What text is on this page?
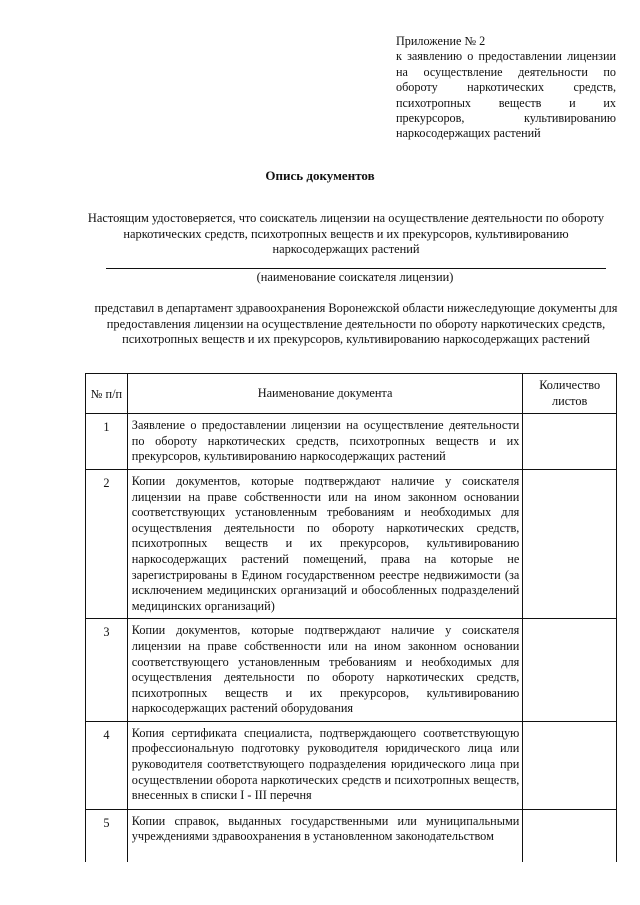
Приложение № 2
к заявлению о предоставлении лицензии
на осуществление деятельности по
обороту наркотических средств,
психотропных веществ и их
прекурсоров, культивированию
наркосодержащих растений
Опись документов
Настоящим удостоверяется, что соискатель лицензии на осуществление деятельности по обороту наркотических средств, психотропных веществ и их прекурсоров, культивированию наркосодержащих растений
(наименование соискателя лицензии)
представил в департамент здравоохранения Воронежской области нижеследующие документы для предоставления лицензии на осуществление деятельности по обороту наркотических средств, психотропных веществ и их прекурсоров, культивированию наркосодержащих растений
№ п/п	Наименование документа	Количество листов
1	Заявление о предоставлении лицензии на осуществление деятельности по обороту наркотических средств, психотропных веществ и их прекурсоров, культивированию наркосодержащих растений	
2	Копии документов, которые подтверждают наличие у соискателя лицензии на праве собственности или на ином законном основании соответствующих установленным требованиям и необходимых для осуществления деятельности по обороту наркотических средств, психотропных веществ и их прекурсоров, культивированию наркосодержащих растений помещений, права на которые не зарегистрированы в Едином государственном реестре недвижимости (за исключением медицинских организаций и обособленных подразделений медицинских организаций)	
3	Копии документов, которые подтверждают наличие у соискателя лицензии на праве собственности или на ином законном основании соответствующего установленным требованиям и необходимых для осуществления деятельности по обороту наркотических средств, психотропных веществ и их прекурсоров, культивированию наркосодержащих растений оборудования	
4	Копия сертификата специалиста, подтверждающего соответствующую профессиональную подготовку руководителя юридического лица или руководителя соответствующего подразделения юридического лица при осуществлении оборота наркотических средств и психотропных веществ, внесенных в списки I - III перечня	
5	Копии справок, выданных государственными или муниципальными учреждениями здравоохранения в установленном законодательством	
